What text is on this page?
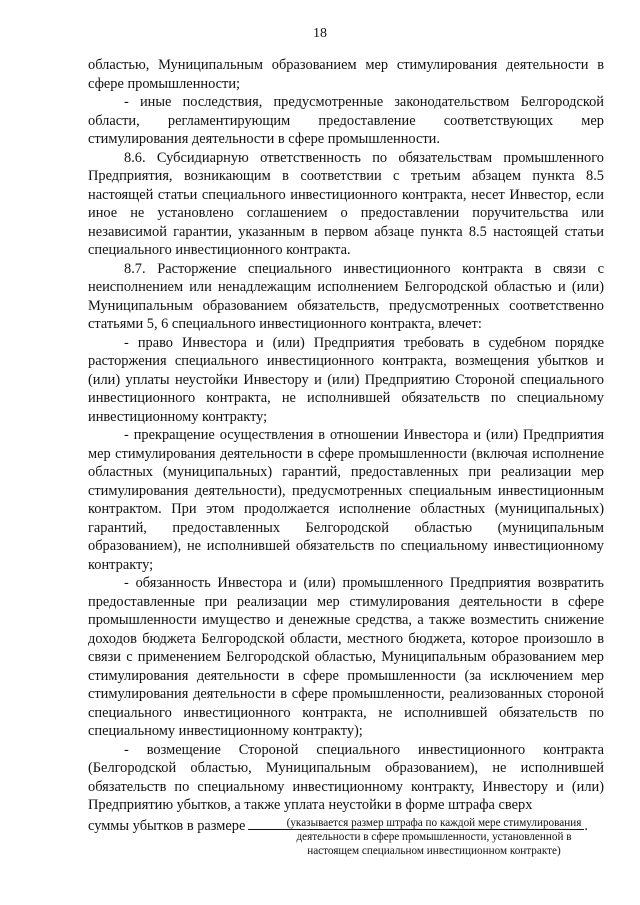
18

областью, Муниципальным образованием мер стимулирования деятельности в сфере промышленности;

- иные последствия, предусмотренные законодательством Белгородской области, регламентирующим предоставление соответствующих мер стимулирования деятельности в сфере промышленности.

8.6. Субсидиарную ответственность по обязательствам промышленного Предприятия, возникающим в соответствии с третьим абзацем пункта 8.5 настоящей статьи специального инвестиционного контракта, несет Инвестор, если иное не установлено соглашением о предоставлении поручительства или независимой гарантии, указанным в первом абзаце пункта 8.5 настоящей статьи специального инвестиционного контракта.

8.7. Расторжение специального инвестиционного контракта в связи с неисполнением или ненадлежащим исполнением Белгородской областью и (или) Муниципальным образованием обязательств, предусмотренных соответственно статьями 5, 6 специального инвестиционного контракта, влечет:

- право Инвестора и (или) Предприятия требовать в судебном порядке расторжения специального инвестиционного контракта, возмещения убытков и (или) уплаты неустойки Инвестору и (или) Предприятию Стороной специального инвестиционного контракта, не исполнившей обязательств по специальному инвестиционному контракту;

- прекращение осуществления в отношении Инвестора и (или) Предприятия мер стимулирования деятельности в сфере промышленности (включая исполнение областных (муниципальных) гарантий, предоставленных при реализации мер стимулирования деятельности), предусмотренных специальным инвестиционным контрактом. При этом продолжается исполнение областных (муниципальных) гарантий, предоставленных Белгородской областью (муниципальным образованием), не исполнившей обязательств по специальному инвестиционному контракту;

- обязанность Инвестора и (или) промышленного Предприятия возвратить предоставленные при реализации мер стимулирования деятельности в сфере промышленности имущество и денежные средства, а также возместить снижение доходов бюджета Белгородской области, местного бюджета, которое произошло в связи с применением Белгородской областью, Муниципальным образованием мер стимулирования деятельности в сфере промышленности (за исключением мер стимулирования деятельности в сфере промышленности, реализованных стороной специального инвестиционного контракта, не исполнившей обязательств по специальному инвестиционному контракту);

- возмещение Стороной специального инвестиционного контракта (Белгородской областью, Муниципальным образованием), не исполнившей обязательств по специальному инвестиционному контракту, Инвестору и (или) Предприятию убытков, а также уплата неустойки в форме штрафа сверх

суммы убытков в размере	.

(указывается размер штрафа по каждой мере стимулирования деятельности в сфере промышленности, установленной в настоящем специальном инвестиционном контракте)
